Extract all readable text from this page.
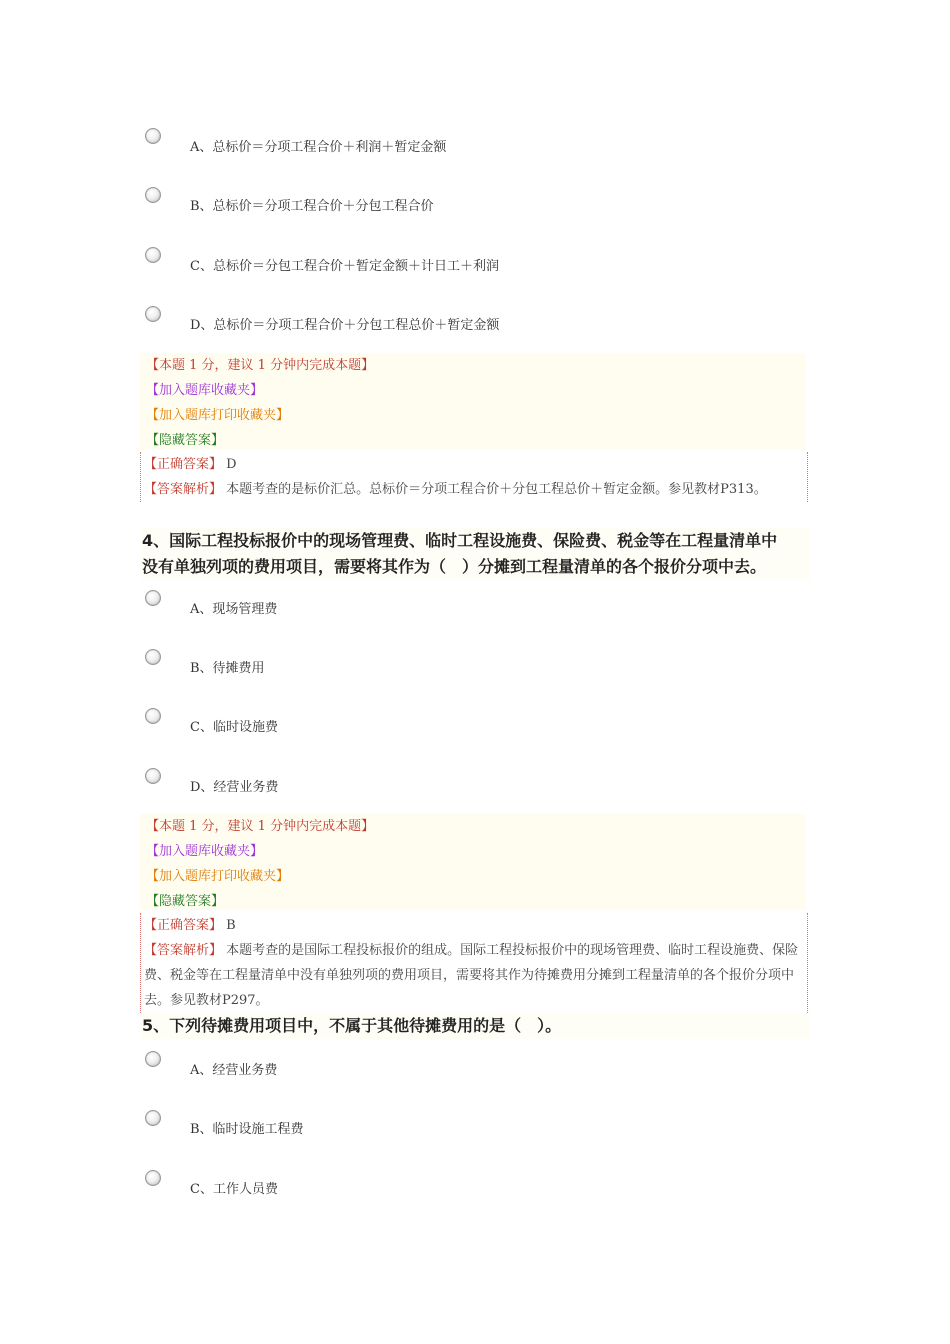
A、总标价＝分项工程合价＋利润＋暂定金额
B、总标价＝分项工程合价＋分包工程合价
C、总标价＝分包工程合价＋暂定金额＋计日工＋利润
D、总标价＝分项工程合价＋分包工程总价＋暂定金额
【本题 1 分，建议 1 分钟内完成本题】
【加入题库收藏夹】
【加入题库打印收藏夹】
【隐藏答案】
【正确答案】 D
【答案解析】 本题考查的是标价汇总。总标价＝分项工程合价＋分包工程总价＋暂定金额。参见教材P313。
4、国际工程投标报价中的现场管理费、临时工程设施费、保险费、税金等在工程量清单中
没有单独列项的费用项目，需要将其作为（　）分摊到工程量清单的各个报价分项中去。
A、现场管理费
B、待摊费用
C、临时设施费
D、经营业务费
【本题 1 分，建议 1 分钟内完成本题】
【加入题库收藏夹】
【加入题库打印收藏夹】
【隐藏答案】
【正确答案】 B
【答案解析】 本题考查的是国际工程投标报价的组成。国际工程投标报价中的现场管理费、临时工程设施费、保险费、税金等在工程量清单中没有单独列项的费用项目，需要将其作为待摊费用分摊到工程量清单的各个报价分项中去。参见教材P297。
5、下列待摊费用项目中，不属于其他待摊费用的是（　）。
A、经营业务费
B、临时设施工程费
C、工作人员费
